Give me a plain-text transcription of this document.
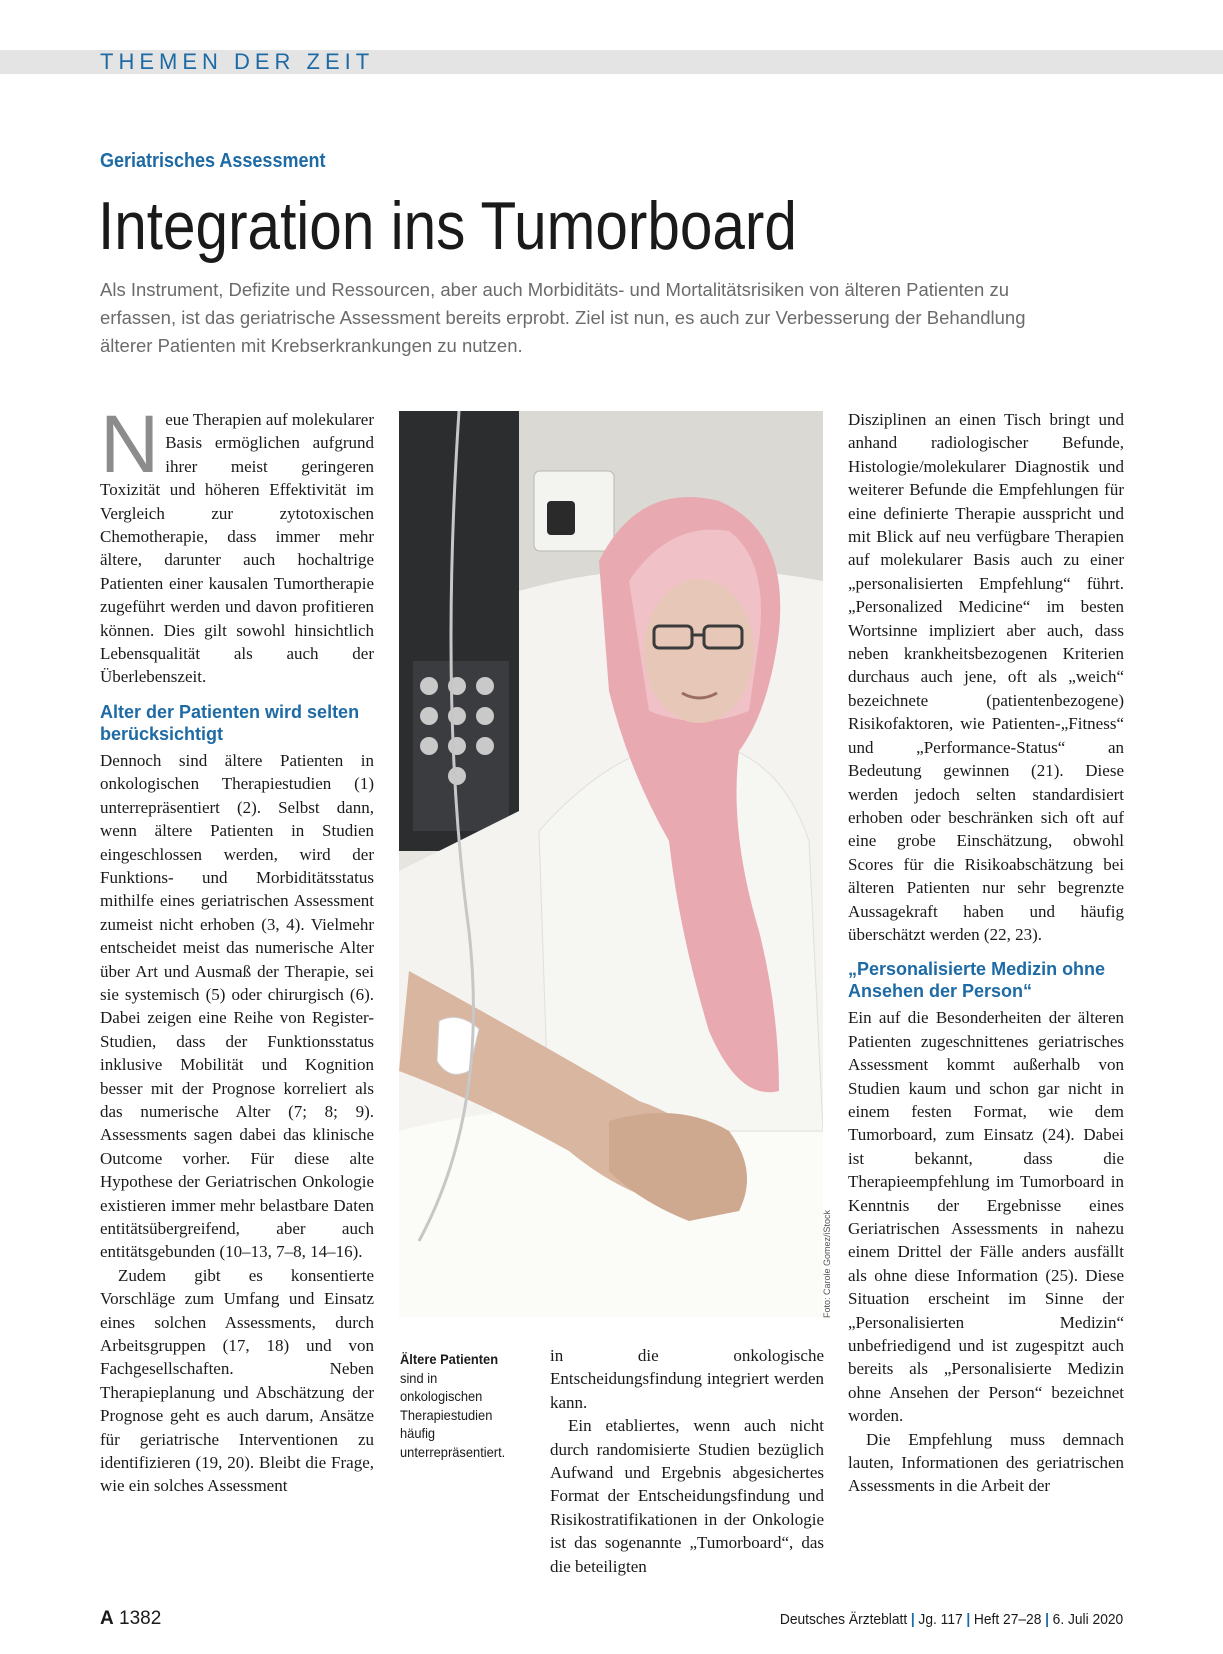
THEMEN DER ZEIT
Geriatrisches Assessment
Integration ins Tumorboard
Als Instrument, Defizite und Ressourcen, aber auch Morbiditäts- und Mortalitätsrisiken von älteren Patienten zu erfassen, ist das geriatrische Assessment bereits erprobt. Ziel ist nun, es auch zur Verbesserung der Behandlung älterer Patienten mit Krebserkrankungen zu nutzen.

Neue Therapien auf molekularer Basis ermöglichen aufgrund ihrer meist geringeren Toxizität und höheren Effektivität im Vergleich zur zytotoxischen Chemotherapie, dass immer mehr ältere, darunter auch hochaltrige Patienten einer kausalen Tumortherapie zugeführt werden und davon profitieren können. Dies gilt sowohl hinsichtlich Lebensqualität als auch der Überlebenszeit.

Alter der Patienten wird selten berücksichtigt

Dennoch sind ältere Patienten in onkologischen Therapiestudien (1) unterrepräsentiert (2). Selbst dann, wenn ältere Patienten in Studien eingeschlossen werden, wird der Funktions- und Morbiditätsstatus mithilfe eines geriatrischen Assessment zumeist nicht erhoben (3, 4). Vielmehr entscheidet meist das numerische Alter über Art und Ausmaß der Therapie, sei sie systemisch (5) oder chirurgisch (6). Dabei zeigen eine Reihe von Register-Studien, dass der Funktionsstatus inklusive Mobilität und Kognition besser mit der Prognose korreliert als das numerische Alter (7; 8; 9). Assessments sagen dabei das klinische Outcome vorher. Für diese alte Hypothese der Geriatrischen Onkologie existieren immer mehr belastbare Daten entitätsübergreifend, aber auch entitätsgebunden (10–13, 7–8, 14–16).

Zudem gibt es konsentierte Vorschläge zum Umfang und Einsatz eines solchen Assessments, durch Arbeitsgruppen (17, 18) und von Fachgesellschaften. Neben Therapieplanung und Abschätzung der Prognose geht es auch darum, Ansätze für geriatrische Interventionen zu identifizieren (19, 20). Bleibt die Frage, wie ein solches Assessment

Foto: Carole Gomez/iStock
Ältere Patienten
sind in onkologischen Therapiestudien häufig unterrepräsentiert.

in die onkologische Entscheidungsfindung integriert werden kann.

Ein etabliertes, wenn auch nicht durch randomisierte Studien bezüglich Aufwand und Ergebnis abgesichertes Format der Entscheidungsfindung und Risikostratifikationen in der Onkologie ist das sogenannte „Tumorboard“, das die beteiligten

Disziplinen an einen Tisch bringt und anhand radiologischer Befunde, Histologie/molekularer Diagnostik und weiterer Befunde die Empfehlungen für eine definierte Therapie ausspricht und mit Blick auf neu verfügbare Therapien auf molekularer Basis auch zu einer „personalisierten Empfehlung“ führt. „Personalized Medicine“ im besten Wortsinne impliziert aber auch, dass neben krankheitsbezogenen Kriterien durchaus auch jene, oft als „weich“ bezeichnete (patientenbezogene) Risikofaktoren, wie Patienten-„Fitness“ und „Performance-Status“ an Bedeutung gewinnen (21). Diese werden jedoch selten standardisiert erhoben oder beschränken sich oft auf eine grobe Einschätzung, obwohl Scores für die Risikoabschätzung bei älteren Patienten nur sehr begrenzte Aussagekraft haben und häufig überschätzt werden (22, 23).

„Personalisierte Medizin ohne Ansehen der Person“

Ein auf die Besonderheiten der älteren Patienten zugeschnittenes geriatrisches Assessment kommt außerhalb von Studien kaum und schon gar nicht in einem festen Format, wie dem Tumorboard, zum Einsatz (24). Dabei ist bekannt, dass die Therapieempfehlung im Tumorboard in Kenntnis der Ergebnisse eines Geriatrischen Assessments in nahezu einem Drittel der Fälle anders ausfällt als ohne diese Information (25). Diese Situation erscheint im Sinne der „Personalisierten Medizin“ unbefriedigend und ist zugespitzt auch bereits als „Personalisierte Medizin ohne Ansehen der Person“ bezeichnet worden.

Die Empfehlung muss demnach lauten, Informationen des geriatrischen Assessments in die Arbeit der

A 1382	Deutsches Ärzteblatt | Jg. 117 | Heft 27–28 | 6. Juli 2020
